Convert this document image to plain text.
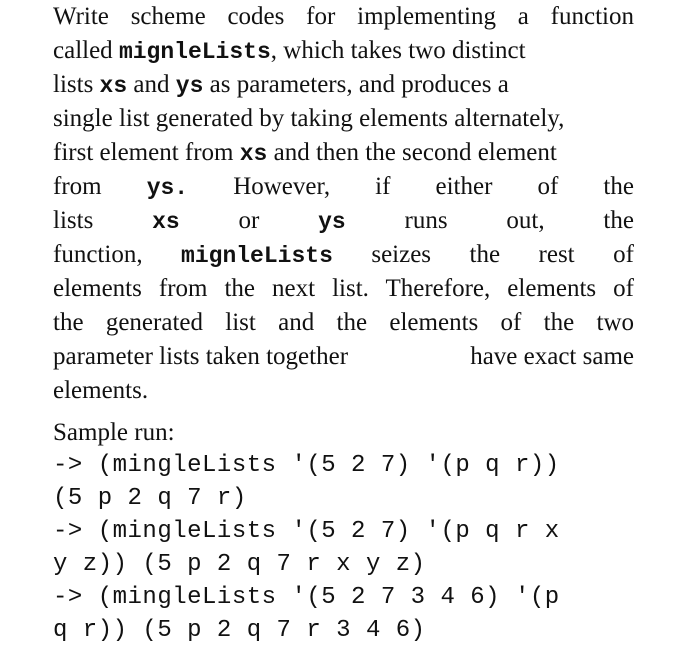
Write scheme codes for implementing a function
called mignleLists, which takes two distinct
lists xs and ys as parameters, and produces a
single list generated by taking elements alternately,
first element from xs and then the second element
from ys. However, if either of the
lists	xs or	ys runs out, the
function, mignleLists seizes the rest of
elements from the next list. Therefore, elements of
the generated list and the elements of the two
parameter lists taken together	have exact same
elements.
Sample run:
-> (mingleLists '(5 2 7) '(p q r))
(5 p 2 q 7 r)
-> (mingleLists '(5 2 7) '(p q r x
y z)) (5 p 2 q 7 r x y z)
-> (mingleLists '(5 2 7 3 4 6) '(p
q r)) (5 p 2 q 7 r 3 4 6)
